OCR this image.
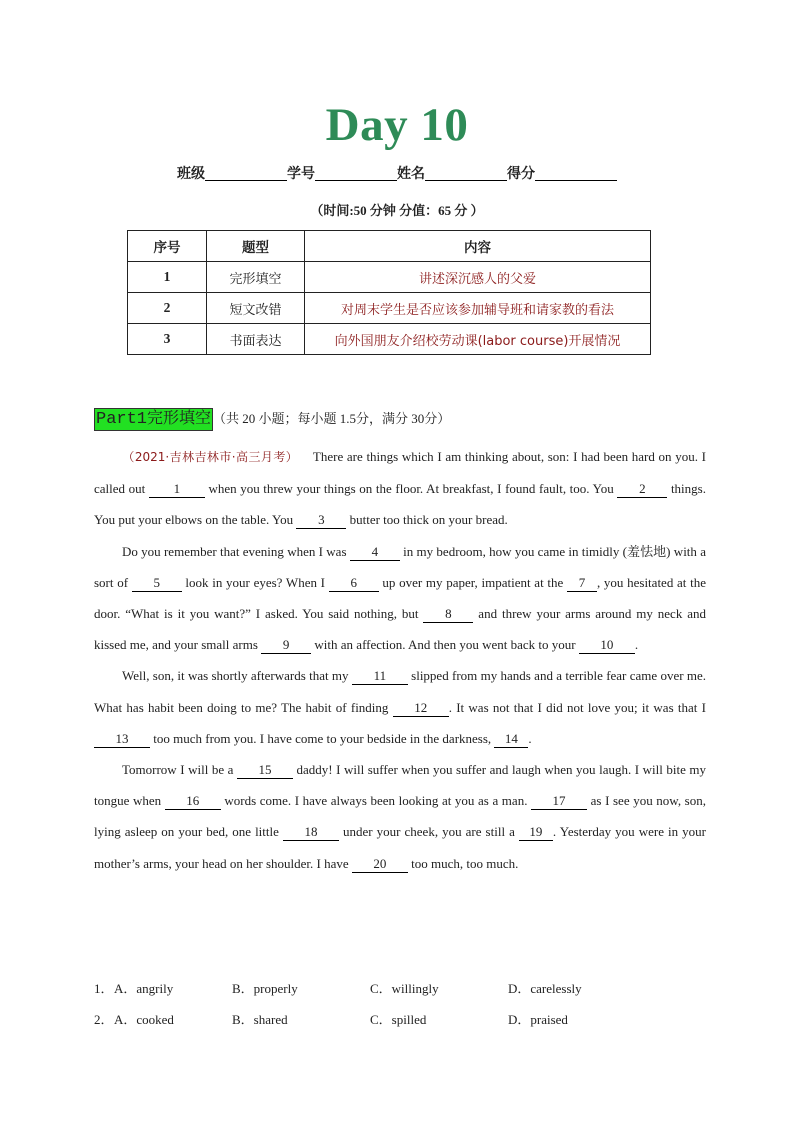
Day 10
班级	学号	姓名	得分
（时间:50 分钟 分值：65 分 ）
序号	题型	内容
1	完形填空	讲述深沉感人的父爱
2	短文改错	对周末学生是否应该参加辅导班和请家教的看法
3	书面表达	向外国朋友介绍校劳动课(labor course)开展情况
Part1完形填空 （共 20 小题；每小题 1.5分，满分 30分）

（2021·吉林吉林市·高三月考） There are things which I am thinking about, son: I had been hard on you. I called out 1 when you threw your things on the floor. At breakfast, I found fault, too. You 2 things. You put your elbows on the table. You 3 butter too thick on your bread.

Do you remember that evening when I was 4 in my bedroom, how you came in timidly (羞怯地) with a sort of 5 look in your eyes? When I 6 up over my paper, impatient at the 7 , you hesitated at the door. “What is it you want?” I asked. You said nothing, but 8 and threw your arms around my neck and kissed me, and your small arms 9 with an affection. And then you went back to your 10 .

Well, son, it was shortly afterwards that my 11 slipped from my hands and a terrible fear came over me. What has habit been doing to me? The habit of finding 12 . It was not that I did not love you; it was that I 13 too much from you. I have come to your bedside in the darkness, 14 .

Tomorrow I will be a 15 daddy! I will suffer when you suffer and laugh when you laugh. I will bite my tongue when 16 words come. I have always been looking at you as a man. 17 as I see you now, son, lying asleep on your bed, one little 18 under your cheek, you are still a 19 . Yesterday you were in your mother’s arms, your head on her shoulder. I have 20 too much, too much.

1． A．angrily	B．properly	C．willingly	D．carelessly
2． A．cooked	B．shared	C．spilled	D．praised
